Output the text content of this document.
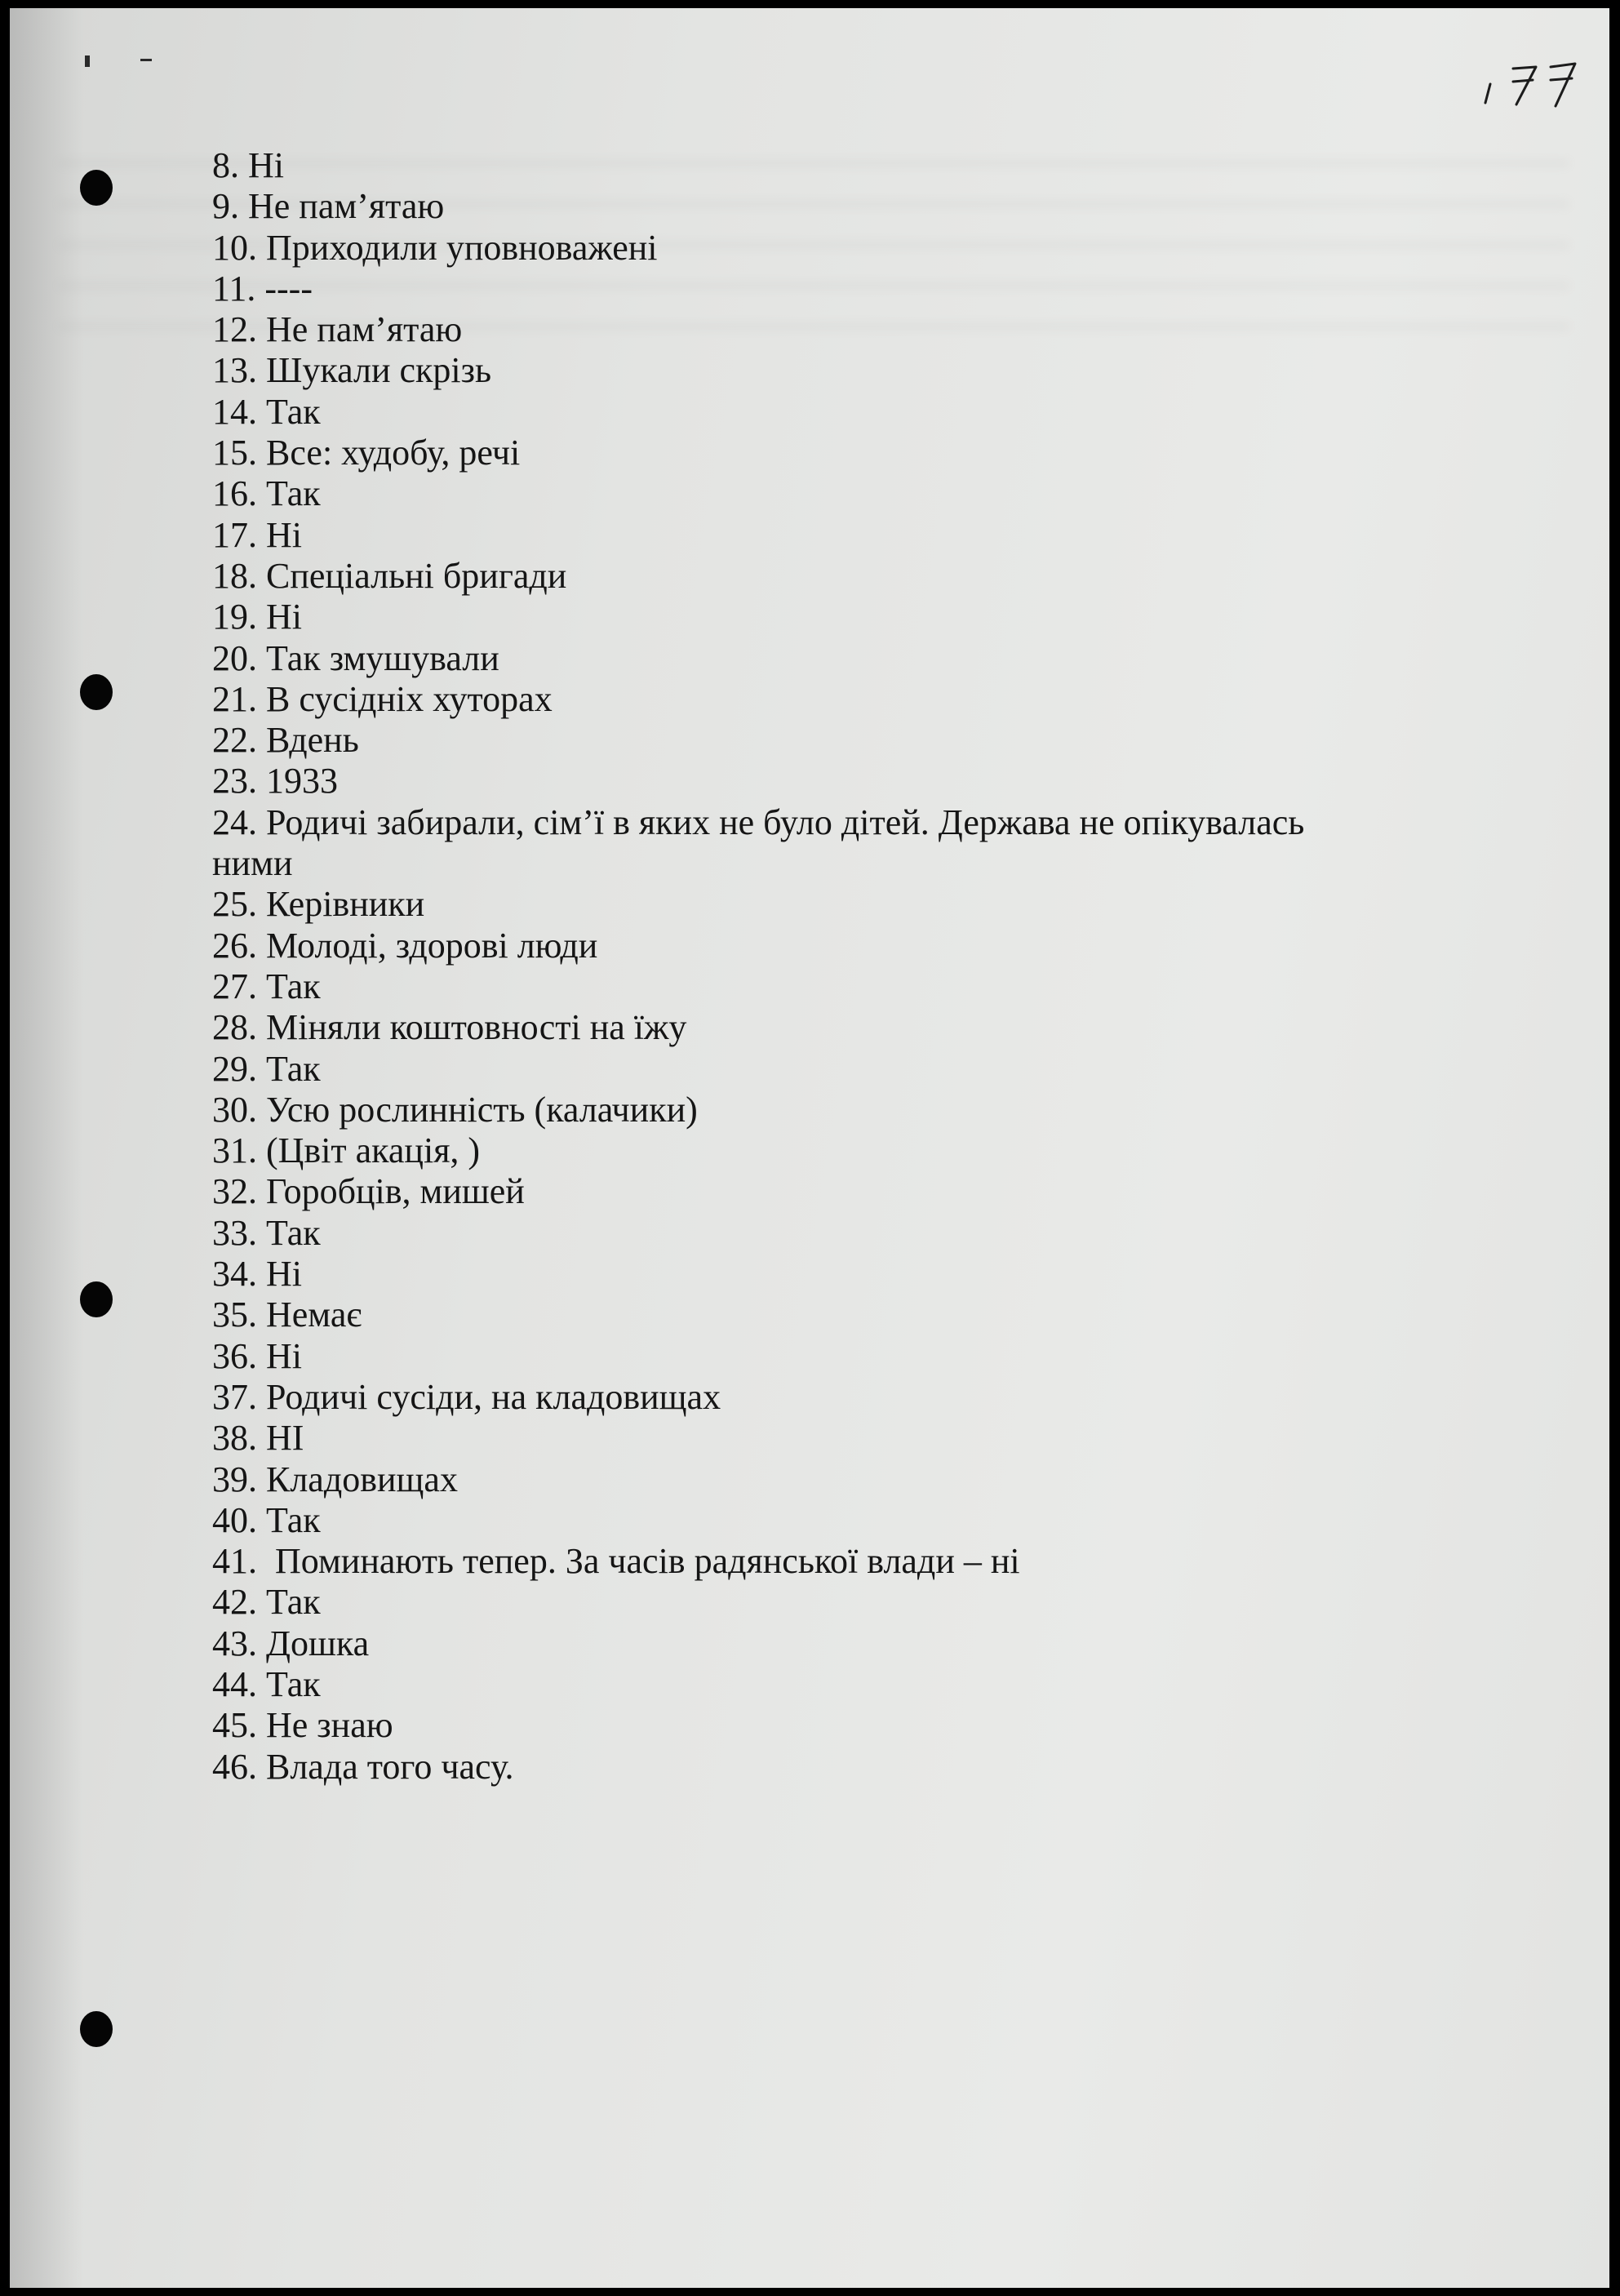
8. Ні
9. Не пам’ятаю
10. Приходили уповноважені
11. ----
12. Не пам’ятаю
13. Шукали скрізь
14. Так
15. Все: худобу, речі
16. Так
17. Ні
18. Спеціальні бригади
19. Ні
20. Так змушували
21. В сусідніх хуторах
22. Вдень
23. 1933
24. Родичі забирали, сім’ї в яких не було дітей. Держава не опікувалась ними
25. Керівники
26. Молоді, здорові люди
27. Так
28. Міняли коштовності на їжу
29. Так
30. Усю рослинність (калачики)
31. (Цвіт акація, )
32. Горобців, мишей
33. Так
34. Ні
35. Немає
36. Ні
37. Родичі сусіди, на кладовищах
38. НІ
39. Кладовищах
40. Так
41.  Поминають тепер. За часів радянської влади – ні
42. Так
43. Дошка
44. Так
45. Не знаю
46. Влада того часу.
